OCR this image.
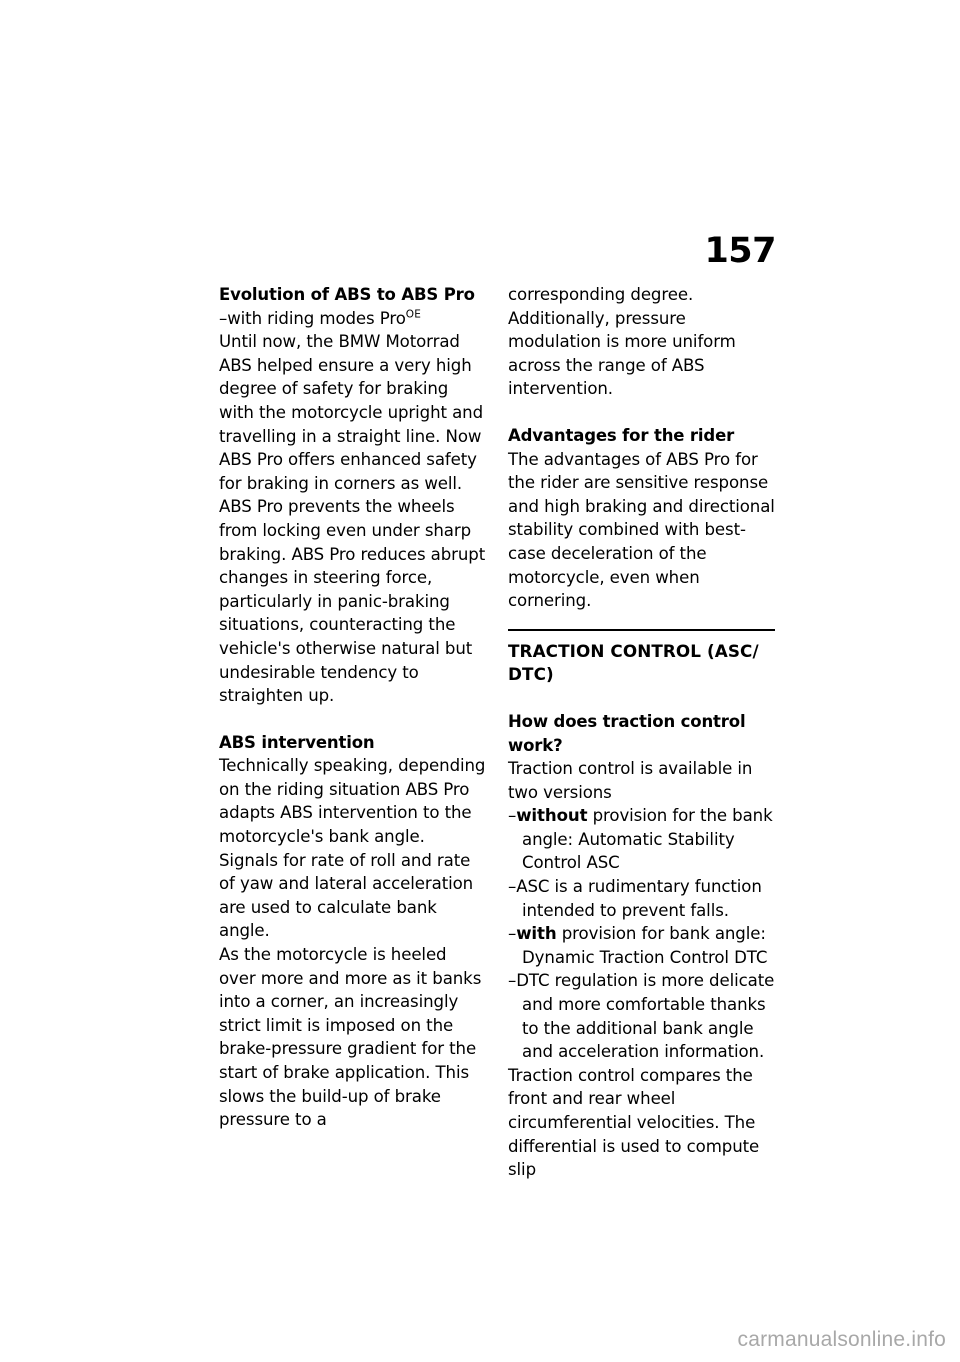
157
Evolution of ABS to ABS Pro

–with riding modes Pro$^{OE}$

Until now, the BMW Motorrad ABS helped ensure a very high degree of safety for braking with the motorcycle upright and travelling in a straight line. Now ABS Pro offers enhanced safety for braking in corners as well. ABS Pro prevents the wheels from locking even under sharp braking. ABS Pro reduces abrupt changes in steering force, particularly in panic-braking situations, counteracting the vehicle's otherwise natural but undesirable tendency to straighten up.

ABS intervention

Technically speaking, depending on the riding situation ABS Pro adapts ABS intervention to the motorcycle's bank angle. Signals for rate of roll and rate of yaw and lateral acceleration are used to calculate bank angle.

As the motorcycle is heeled over more and more as it banks into a corner, an increasingly strict limit is imposed on the brake-pressure gradient for the start of brake application. This slows the build-up of brake pressure to a

corresponding degree. Additionally, pressure modulation is more uniform across the range of ABS intervention.

Advantages for the rider

The advantages of ABS Pro for the rider are sensitive response and high braking and directional stability combined with best-case deceleration of the motorcycle, even when cornering.

TRACTION CONTROL (ASC/ DTC)
How does traction control work?

Traction control is available in two versions

–without provision for the bank angle: Automatic Stability Control ASC
–ASC is a rudimentary function intended to prevent falls.
–with provision for bank angle: Dynamic Traction Control DTC
–DTC regulation is more delicate and more comfortable thanks to the additional bank angle and acceleration information.

Traction control compares the front and rear wheel circumferential velocities. The differential is used to compute slip

carmanualsonline.info
